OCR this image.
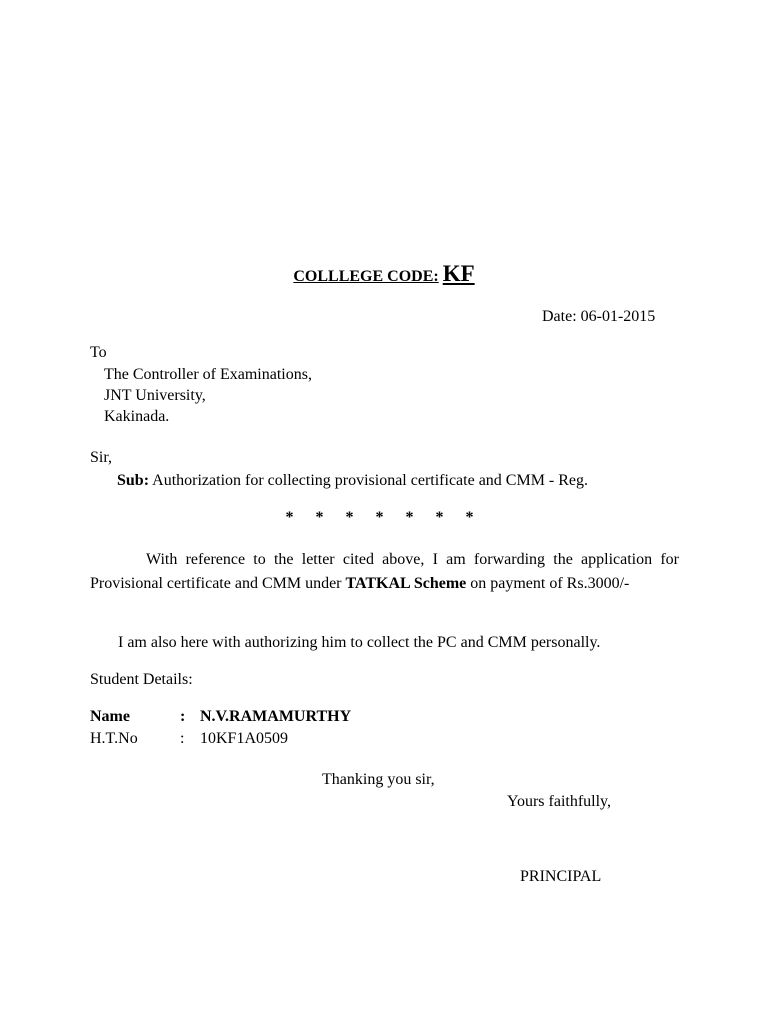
COLLLEGE CODE: KF
Date: 06-01-2015
To
The Controller of Examinations,
JNT University,
Kakinada.
Sir,
Sub: Authorization for collecting provisional certificate and CMM - Reg.
* * * * * * *
With reference to the letter cited above, I am forwarding the application for Provisional certificate and CMM under TATKAL Scheme on payment of Rs.3000/-
I am also here with authorizing him to collect the PC and CMM personally.
Student Details:
Name	: N.V.RAMAMURTHY
H.T.No	: 10KF1A0509
Thanking you sir,
Yours faithfully,
PRINCIPAL
